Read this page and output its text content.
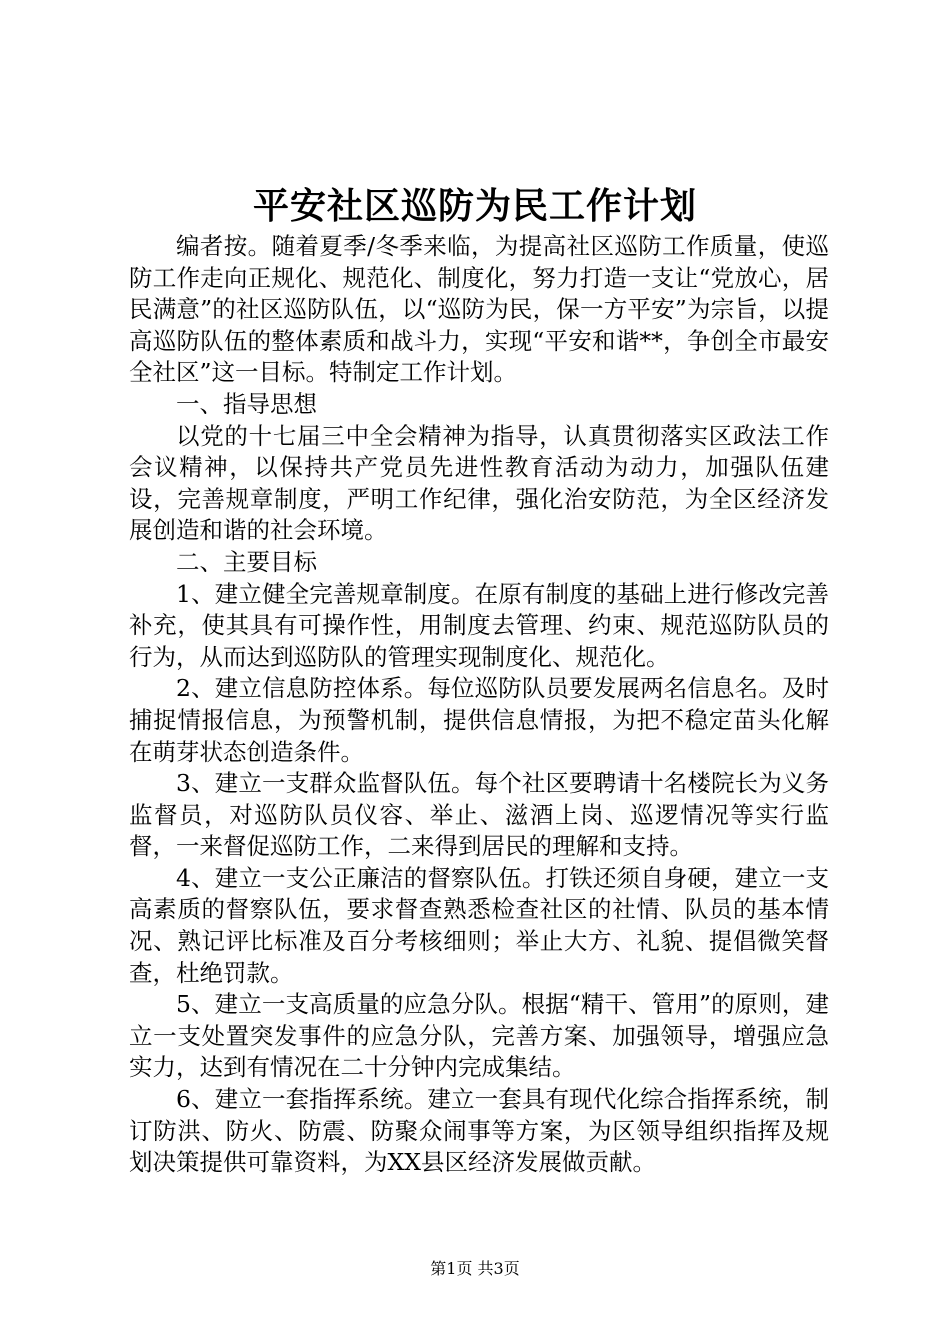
平安社区巡防为民工作计划

编者按。随着夏季/冬季来临，为提高社区巡防工作质量，使巡防工作走向正规化、规范化、制度化，努力打造一支让“党放心，居民满意”的社区巡防队伍，以“巡防为民，保一方平安”为宗旨，以提高巡防队伍的整体素质和战斗力，实现“平安和谐**，争创全市最安全社区”这一目标。特制定工作计划。

一、指导思想

以党的十七届三中全会精神为指导，认真贯彻落实区政法工作会议精神，以保持共产党员先进性教育活动为动力，加强队伍建设，完善规章制度，严明工作纪律，强化治安防范，为全区经济发展创造和谐的社会环境。

二、主要目标

1、建立健全完善规章制度。在原有制度的基础上进行修改完善补充，使其具有可操作性，用制度去管理、约束、规范巡防队员的行为，从而达到巡防队的管理实现制度化、规范化。

2、建立信息防控体系。每位巡防队员要发展两名信息名。及时捕捉情报信息，为预警机制，提供信息情报，为把不稳定苗头化解在萌芽状态创造条件。

3、建立一支群众监督队伍。每个社区要聘请十名楼院长为义务监督员，对巡防队员仪容、举止、滋酒上岗、巡逻情况等实行监督，一来督促巡防工作，二来得到居民的理解和支持。

4、建立一支公正廉洁的督察队伍。打铁还须自身硬，建立一支高素质的督察队伍，要求督查熟悉检查社区的社情、队员的基本情况、熟记评比标准及百分考核细则；举止大方、礼貌、提倡微笑督查，杜绝罚款。

5、建立一支高质量的应急分队。根据“精干、管用”的原则，建立一支处置突发事件的应急分队，完善方案、加强领导，增强应急实力，达到有情况在二十分钟内完成集结。

6、建立一套指挥系统。建立一套具有现代化综合指挥系统，制订防洪、防火、防震、防聚众闹事等方案，为区领导组织指挥及规划决策提供可靠资料，为XX县区经济发展做贡献。

第1页 共3页
